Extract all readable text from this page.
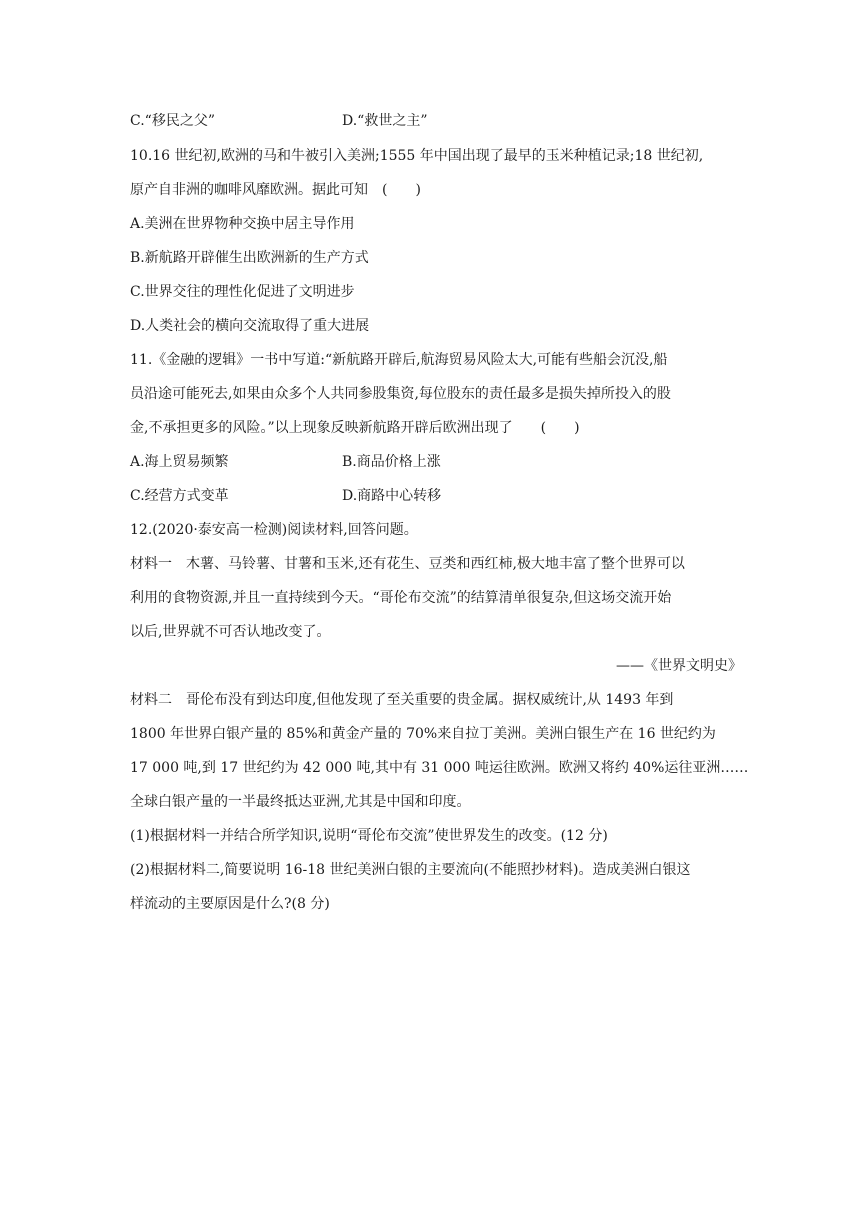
C.“移民之父”	D.“救世之主”
10.16 世纪初,欧洲的马和牛被引入美洲;1555 年中国出现了最早的玉米种植记录;18 世纪初,
原产自非洲的咖啡风靡欧洲。据此可知　(　　)
A.美洲在世界物种交换中居主导作用
B.新航路开辟催生出欧洲新的生产方式
C.世界交往的理性化促进了文明进步
D.人类社会的横向交流取得了重大进展
11.《金融的逻辑》一书中写道:“新航路开辟后,航海贸易风险太大,可能有些船会沉没,船
员沿途可能死去,如果由众多个人共同参股集资,每位股东的责任最多是损失掉所投入的股
金,不承担更多的风险。”以上现象反映新航路开辟后欧洲出现了　　(　　)
A.海上贸易频繁	B.商品价格上涨
C.经营方式变革	D.商路中心转移
12.(2020·泰安高一检测)阅读材料,回答问题。
材料一　木薯、马铃薯、甘薯和玉米,还有花生、豆类和西红柿,极大地丰富了整个世界可以
利用的食物资源,并且一直持续到今天。“哥伦布交流”的结算清单很复杂,但这场交流开始
以后,世界就不可否认地改变了。
——《世界文明史》
材料二　哥伦布没有到达印度,但他发现了至关重要的贵金属。据权威统计,从 1493 年到
1800 年世界白银产量的 85%和黄金产量的 70%来自拉丁美洲。美洲白银生产在 16 世纪约为
17 000 吨,到 17 世纪约为 42 000 吨,其中有 31 000 吨运往欧洲。欧洲又将约 40%运往亚洲……
全球白银产量的一半最终抵达亚洲,尤其是中国和印度。
(1)根据材料一并结合所学知识,说明“哥伦布交流”使世界发生的改变。(12 分)
(2)根据材料二,简要说明 16-18 世纪美洲白银的主要流向(不能照抄材料)。造成美洲白银这
样流动的主要原因是什么?(8 分)
